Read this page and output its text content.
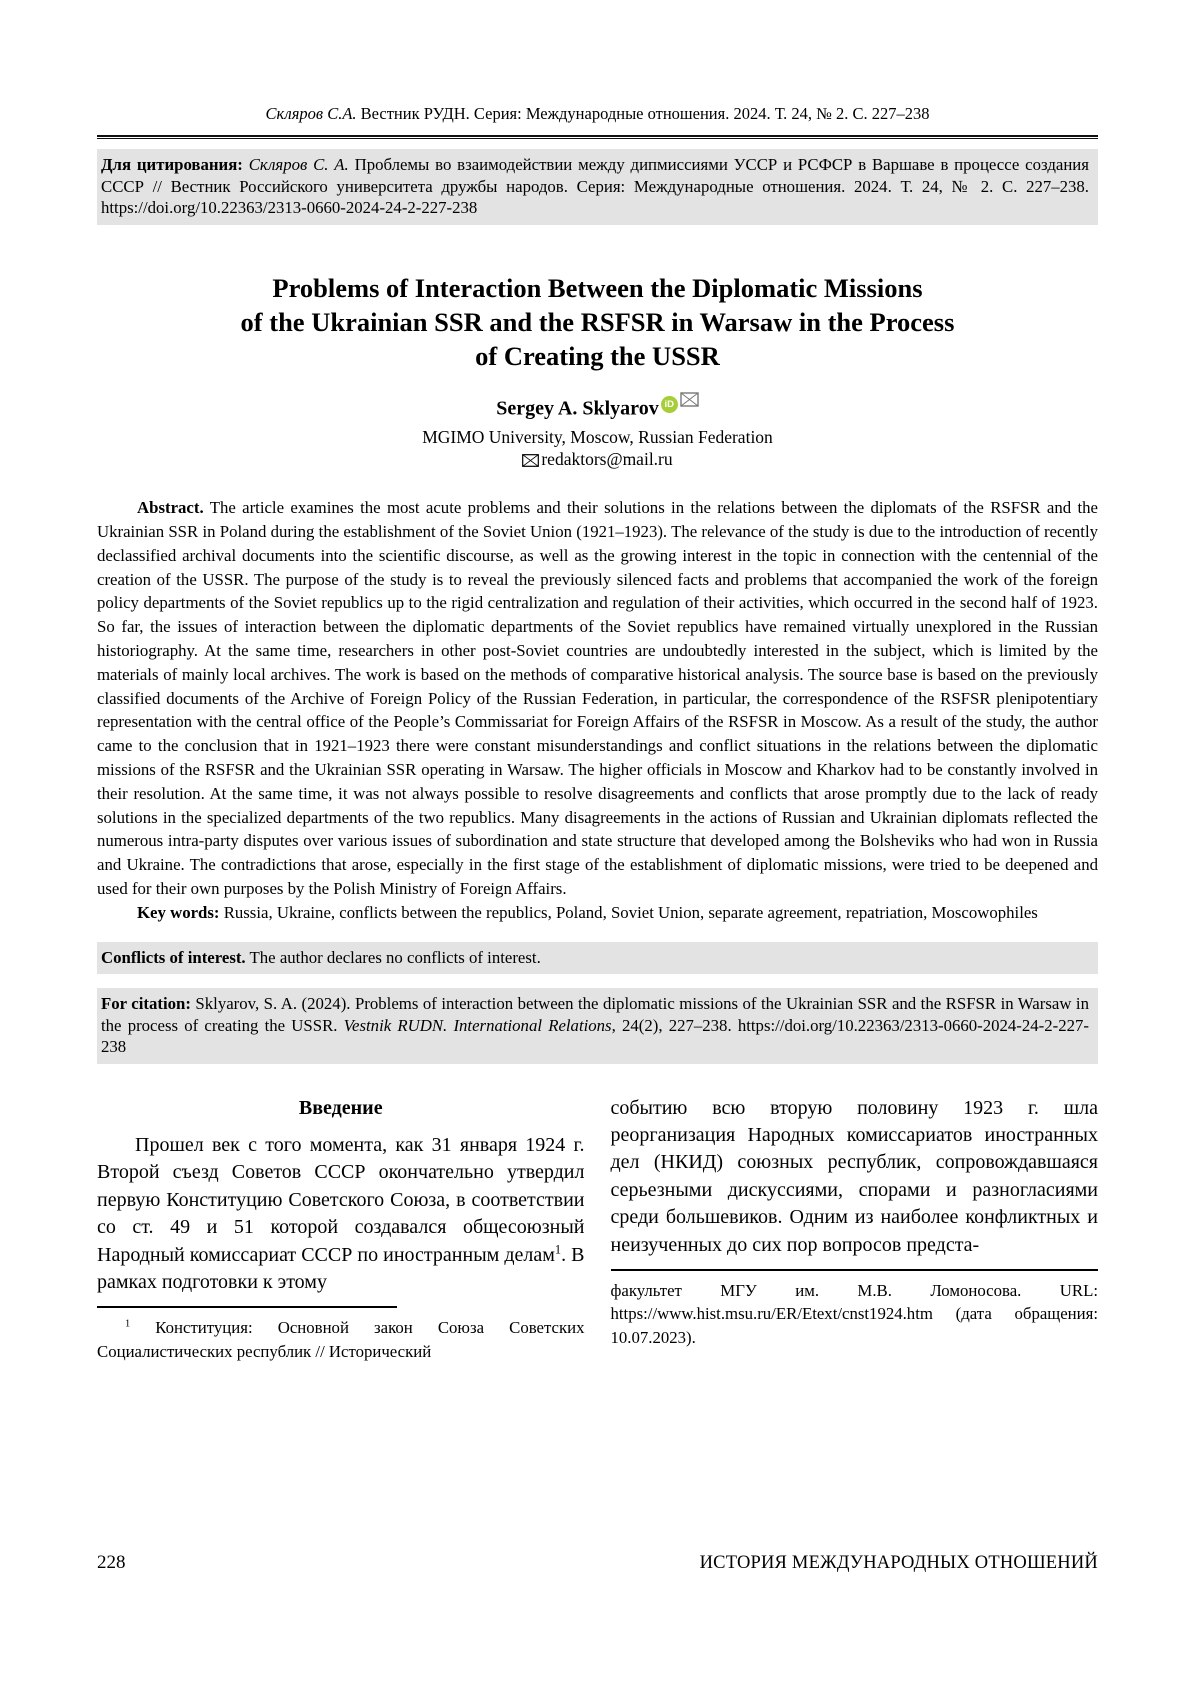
Скляров С.А. Вестник РУДН. Серия: Международные отношения. 2024. Т. 24, № 2. С. 227–238
Для цитирования: Скляров С. А. Проблемы во взаимодействии между дипмиссиями УССР и РСФСР в Варшаве в процессе создания СССР // Вестник Российского университета дружбы народов. Серия: Международные отношения. 2024. Т. 24, № 2. С. 227–238. https://doi.org/10.22363/2313-0660-2024-24-2-227-238
Problems of Interaction Between the Diplomatic Missions
of the Ukrainian SSR and the RSFSR in Warsaw in the Process
of Creating the USSR
Sergey A. Sklyarov iD
MGIMO University, Moscow, Russian Federation
redaktors@mail.ru
Abstract. The article examines the most acute problems and their solutions in the relations between the diplomats of the RSFSR and the Ukrainian SSR in Poland during the establishment of the Soviet Union (1921–1923). The relevance of the study is due to the introduction of recently declassified archival documents into the scientific discourse, as well as the growing interest in the topic in connection with the centennial of the creation of the USSR. The purpose of the study is to reveal the previously silenced facts and problems that accompanied the work of the foreign policy departments of the Soviet republics up to the rigid centralization and regulation of their activities, which occurred in the second half of 1923. So far, the issues of interaction between the diplomatic departments of the Soviet republics have remained virtually unexplored in the Russian historiography. At the same time, researchers in other post-Soviet countries are undoubtedly interested in the subject, which is limited by the materials of mainly local archives. The work is based on the methods of comparative historical analysis. The source base is based on the previously classified documents of the Archive of Foreign Policy of the Russian Federation, in particular, the correspondence of the RSFSR plenipotentiary representation with the central office of the People’s Commissariat for Foreign Affairs of the RSFSR in Moscow. As a result of the study, the author came to the conclusion that in 1921–1923 there were constant misunderstandings and conflict situations in the relations between the diplomatic missions of the RSFSR and the Ukrainian SSR operating in Warsaw. The higher officials in Moscow and Kharkov had to be constantly involved in their resolution. At the same time, it was not always possible to resolve disagreements and conflicts that arose promptly due to the lack of ready solutions in the specialized departments of the two republics. Many disagreements in the actions of Russian and Ukrainian diplomats reflected the numerous intra-party disputes over various issues of subordination and state structure that developed among the Bolsheviks who had won in Russia and Ukraine. The contradictions that arose, especially in the first stage of the establishment of diplomatic missions, were tried to be deepened and used for their own purposes by the Polish Ministry of Foreign Affairs.
Key words: Russia, Ukraine, conflicts between the republics, Poland, Soviet Union, separate agreement, repatriation, Moscowophiles
Conflicts of interest. The author declares no conflicts of interest.
For citation: Sklyarov, S. A. (2024). Problems of interaction between the diplomatic missions of the Ukrainian SSR and the RSFSR in Warsaw in the process of creating the USSR. Vestnik RUDN. International Relations, 24(2), 227–238. https://doi.org/10.22363/2313-0660-2024-24-2-227-238
Введение

Прошел век с того момента, как 31 января 1924 г. Второй съезд Советов СССР окончательно утвердил первую Конституцию Советского Союза, в соответствии со ст. 49 и 51 которой создавался общесоюзный Народный комиссариат СССР по иностранным делам$^1$. В рамках подготовки к этому

$^1$ Конституция: Основной закон Союза Советских Социалистических республик // Исторический

событию всю вторую половину 1923 г. шла реорганизация Народных комиссариатов иностранных дел (НКИД) союзных республик, сопровождавшаяся серьезными дискуссиями, спорами и разногласиями среди большевиков. Одним из наиболее конфликтных и неизученных до сих пор вопросов предста-

факультет МГУ им. М.В. Ломоносова. URL: https://www.hist.msu.ru/ER/Etext/cnst1924.htm (дата обращения: 10.07.2023).

228	ИСТОРИЯ МЕЖДУНАРОДНЫХ ОТНОШЕНИЙ
